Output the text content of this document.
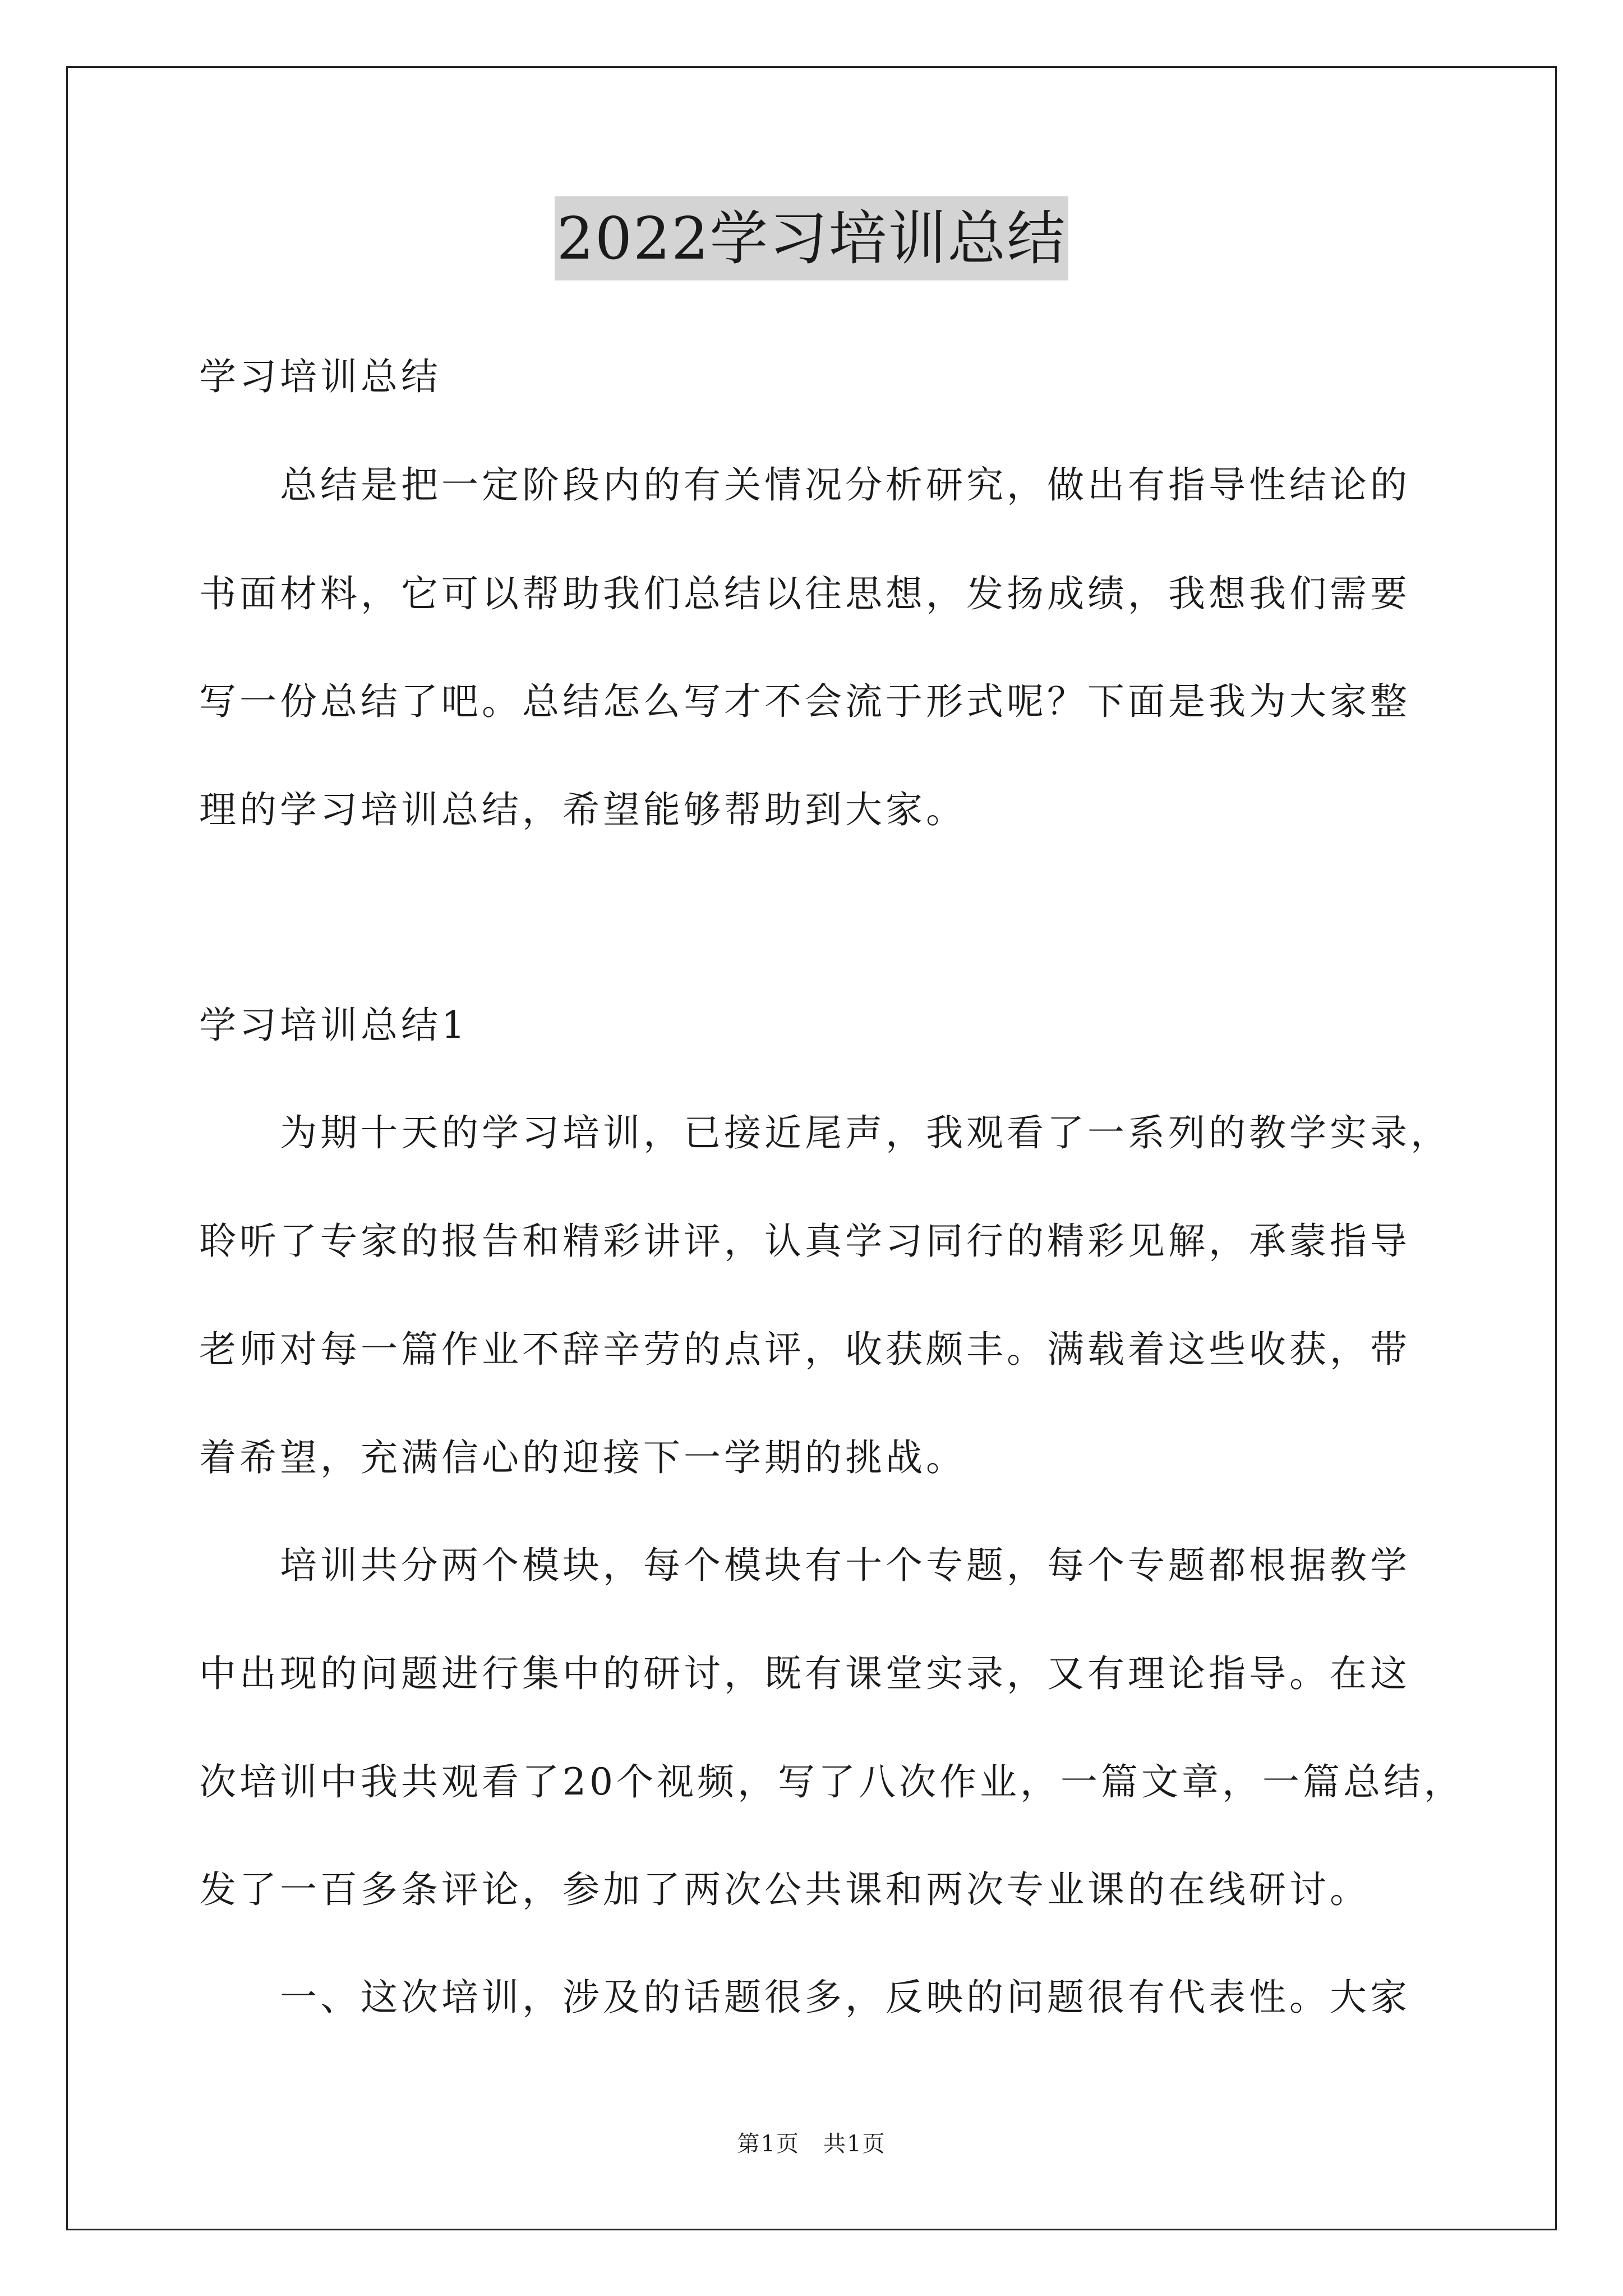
2022学习培训总结
学习培训总结
　　总结是把一定阶段内的有关情况分析研究，做出有指导性结论的
书面材料，它可以帮助我们总结以往思想，发扬成绩，我想我们需要
写一份总结了吧。总结怎么写才不会流于形式呢？下面是我为大家整
理的学习培训总结，希望能够帮助到大家。
学习培训总结1
　　为期十天的学习培训，已接近尾声，我观看了一系列的教学实录，
聆听了专家的报告和精彩讲评，认真学习同行的精彩见解，承蒙指导
老师对每一篇作业不辞辛劳的点评，收获颇丰。满载着这些收获，带
着希望，充满信心的迎接下一学期的挑战。
　　培训共分两个模块，每个模块有十个专题，每个专题都根据教学
中出现的问题进行集中的研讨，既有课堂实录，又有理论指导。在这
次培训中我共观看了20个视频，写了八次作业，一篇文章，一篇总结，
发了一百多条评论，参加了两次公共课和两次专业课的在线研讨。
　　一、这次培训，涉及的话题很多，反映的问题很有代表性。大家
第1页　共1页
